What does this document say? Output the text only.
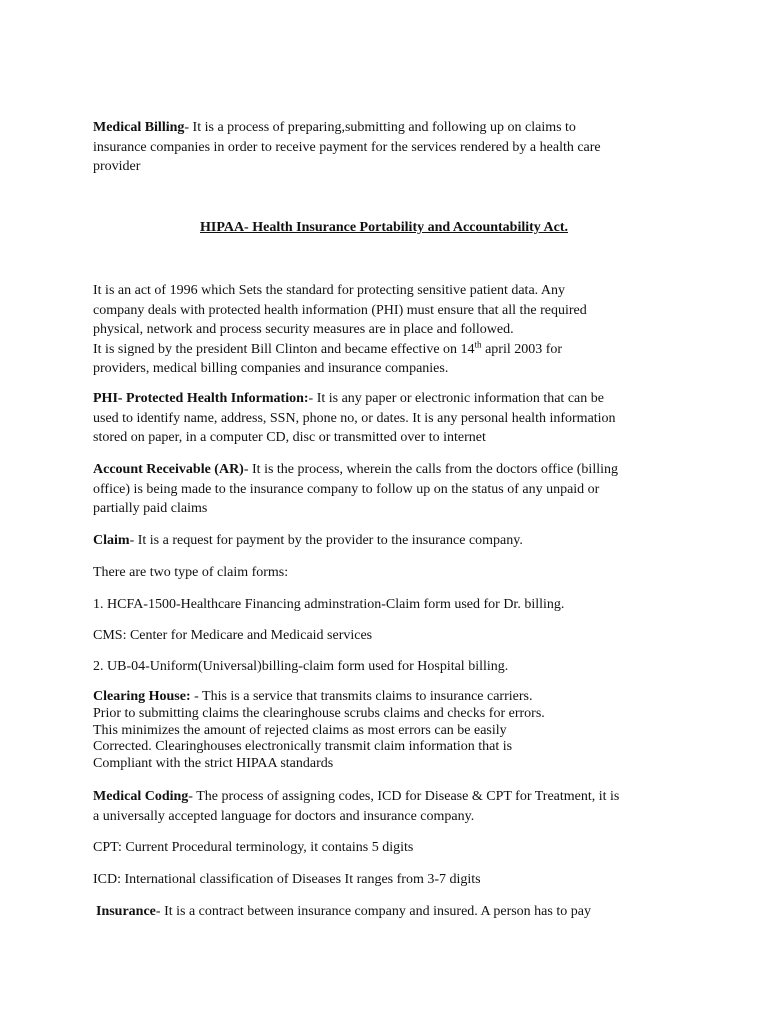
Medical Billing- It is a process of preparing,submitting and following up on claims to
insurance companies in order to receive payment for the services rendered by a health care
provider

HIPAA- Health Insurance Portability and Accountability Act.

It is an act of 1996 which Sets the standard for protecting sensitive patient data. Any
company deals with protected health information (PHI) must ensure that all the required
physical, network and process security measures are in place and followed.
It is signed by the president Bill Clinton and became effective on 14th april 2003 for
providers, medical billing companies and insurance companies.

PHI- Protected Health Information:- It is any paper or electronic information that can be
used to identify name, address, SSN, phone no, or dates. It is any personal health information
stored on paper, in a computer CD, disc or transmitted over to internet

Account Receivable (AR)- It is the process, wherein the calls from the doctors office (billing
office) is being made to the insurance company to follow up on the status of any unpaid or
partially paid claims

Claim- It is a request for payment by the provider to the insurance company.

There are two type of claim forms:

1. HCFA-1500-Healthcare Financing adminstration-Claim form used for Dr. billing.

CMS: Center for Medicare and Medicaid services

2. UB-04-Uniform(Universal)billing-claim form used for Hospital billing.

Clearing House: - This is a service that transmits claims to insurance carriers.
Prior to submitting claims the clearinghouse scrubs claims and checks for errors.
This minimizes the amount of rejected claims as most errors can be easily
Corrected. Clearinghouses electronically transmit claim information that is
Compliant with the strict HIPAA standards

Medical Coding- The process of assigning codes, ICD for Disease & CPT for Treatment, it is
a universally accepted language for doctors and insurance company.

CPT: Current Procedural terminology, it contains 5 digits

ICD: International classification of Diseases It ranges from 3-7 digits

Insurance- It is a contract between insurance company and insured. A person has to pay
